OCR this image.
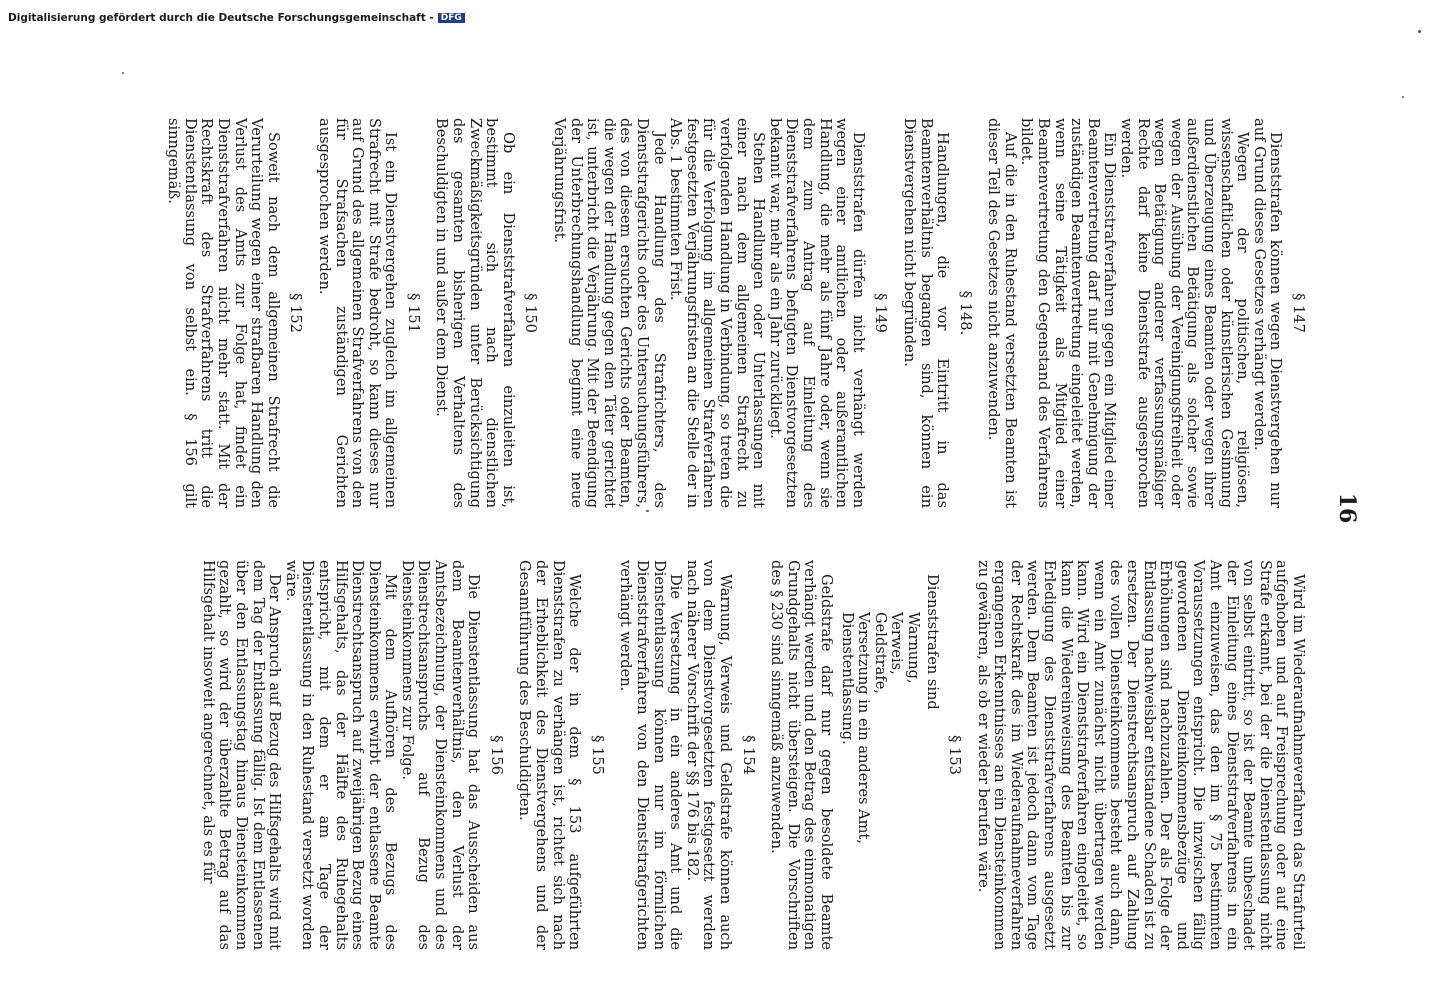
16
§ 147

Dienststrafen können wegen Dienstvergehen nur auf Grund dieses Gesetzes verhängt werden.

Wegen der politischen, religiösen, wissenschaftlichen oder künstlerischen Gesinnung und Überzeugung eines Beamten oder wegen ihrer außerdienstlichen Betätigung als solcher sowie wegen der Ausübung der Vereinigungsfreiheit oder wegen Betätigung anderer verfassungsmäßiger Rechte darf keine Dienststrafe ausgesprochen werden.

Ein Dienststrafverfahren gegen ein Mitglied einer Beamtenvertretung darf nur mit Genehmigung der zuständigen Beamtenvertretung eingeleitet werden, wenn seine Tätigkeit als Mitglied einer Beamtenvertretung den Gegenstand des Verfahrens bildet.

Auf die in den Ruhestand versetzten Beamten ist dieser Teil des Gesetzes nicht anzuwenden.

§ 148.

Handlungen, die vor Eintritt in das Beamtenverhältnis begangen sind, können ein Dienstvergehen nicht begründen.

§ 149

Dienststrafen dürfen nicht verhängt werden wegen einer amtlichen oder außeramtlichen Handlung, die mehr als fünf Jahre oder, wenn sie dem zum Antrag auf Einleitung des Dienststrafverfahrens befugten Dienstvorgesetzten bekannt war, mehr als ein Jahr zurückliegt.

Stehen Handlungen oder Unterlassungen mit einer nach dem allgemeinen Strafrecht zu verfolgenden Handlung in Verbindung, so treten die für die Verfolgung im allgemeinen Strafverfahren festgesetzten Verjährungsfristen an die Stelle der in Abs. 1 bestimmten Frist.

Jede Handlung des Strafrichters, des Dienststrafgerichts oder des Untersuchungsführers, des von diesem ersuchten Gerichts oder Beamten, die wegen der Handlung gegen den Täter gerichtet ist, unterbricht die Verjährung. Mit der Beendigung der Unterbrechungshandlung beginnt eine neue Verjährungsfrist.

§ 150

Ob ein Dienststrafverfahren einzuleiten ist, bestimmt sich nach dienstlichen Zweckmäßigkeitsgründen unter Berücksichtigung des gesamten bisherigen Verhaltens des Beschuldigten in und außer dem Dienst.

§ 151

Ist ein Dienstvergehen zugleich im allgemeinen Strafrecht mit Strafe bedroht, so kann dieses nur auf Grund des allgemeinen Strafverfahrens von den für Strafsachen zuständigen Gerichten ausgesprochen werden.

§ 152

Soweit nach dem allgemeinen Strafrecht die Verurteilung wegen einer strafbaren Handlung den Verlust des Amts zur Folge hat, findet ein Dienststrafverfahren nicht mehr statt. Mit der Rechtskraft des Strafverfahrens tritt die Dienstentlassung von selbst ein. § 156 gilt sinngemäß.

Wird im Wiederaufnahmeverfahren das Strafurteil aufgehoben und auf Freisprechung oder auf eine Strafe erkannt, bei der die Dienstentlassung nicht von selbst eintritt, so ist der Beamte unbeschadet der Einleitung eines Dienststrafverfahrens in ein Amt einzuweisen, das den im § 75 bestimmten Voraussetzungen entspricht. Die inzwischen fällig gewordenen Diensteinkommensbezüge und Erhöhungen sind nachzuzahlen. Der als Folge der Entlassung nachweisbar entstandene Schaden ist zu ersetzen. Der Dienstrechtsanspruch auf Zahlung des vollen Diensteinkommens besteht auch dann, wenn ein Amt zunächst nicht übertragen werden kann. Wird ein Dienststrafverfahren eingeleitet, so kann die Wiedereinweisung des Beamten bis zur Erledigung des Dienststrafverfahrens ausgesetzt werden. Dem Beamten ist jedoch dann vom Tage der Rechtskraft des im Wiederaufnahmeverfahren ergangenen Erkenntnisses an ein Diensteinkommen zu gewähren, als ob er wieder berufen wäre.

§ 153

Dienststrafen sind

Warnung,
Verweis,
Geldstrafe,
Versetzung in ein anderes Amt,
Dienstentlassung.

Geldstrafe darf nur gegen besoldete Beamte verhängt werden und den Betrag des einmonatigen Grundgehalts nicht übersteigen. Die Vorschriften des § 230 sind sinngemäß anzuwenden.

§ 154

Warnung, Verweis und Geldstrafe können auch von dem Dienstvorgesetzten festgesetzt werden nach näherer Vorschrift der §§ 176 bis 182.

Die Versetzung in ein anderes Amt und die Dienstentlassung können nur im förmlichen Dienststrafverfahren von den Dienststrafgerichten verhängt werden.

§ 155

Welche der in dem § 153 aufgeführten Dienststrafen zu verhängen ist, richtet sich nach der Erheblichkeit des Dienstvergehens und der Gesamtführung des Beschuldigten.

§ 156

Die Dienstentlassung hat das Ausscheiden aus dem Beamtenverhältnis, den Verlust der Amtsbezeichnung, der Diensteinkommens und des Dienstrechtsanspruchs auf Bezug des Diensteinkommens zur Folge.

Mit dem Aufhören des Bezugs des Diensteinkommens erwirbt der entlassene Beamte Dienstrechtsanspruch auf zweijährigen Bezug eines Hilfsgehalts, das der Hälfte des Ruhegehalts entspricht, mit dem er am Tage der Dienstentlassung in den Ruhestand versetzt worden wäre.

Der Anspruch auf Bezug des Hilfsgehalts wird mit dem Tag der Entlassung fällig. Ist dem Entlassenen über den Entlassungstag hinaus Diensteinkommen gezahlt, so wird der überzahlte Betrag auf das Hilfsgehalt insoweit angerechnet, als es für

Digitalisierung gefördert durch die Deutsche Forschungsgemeinschaft - DFG
